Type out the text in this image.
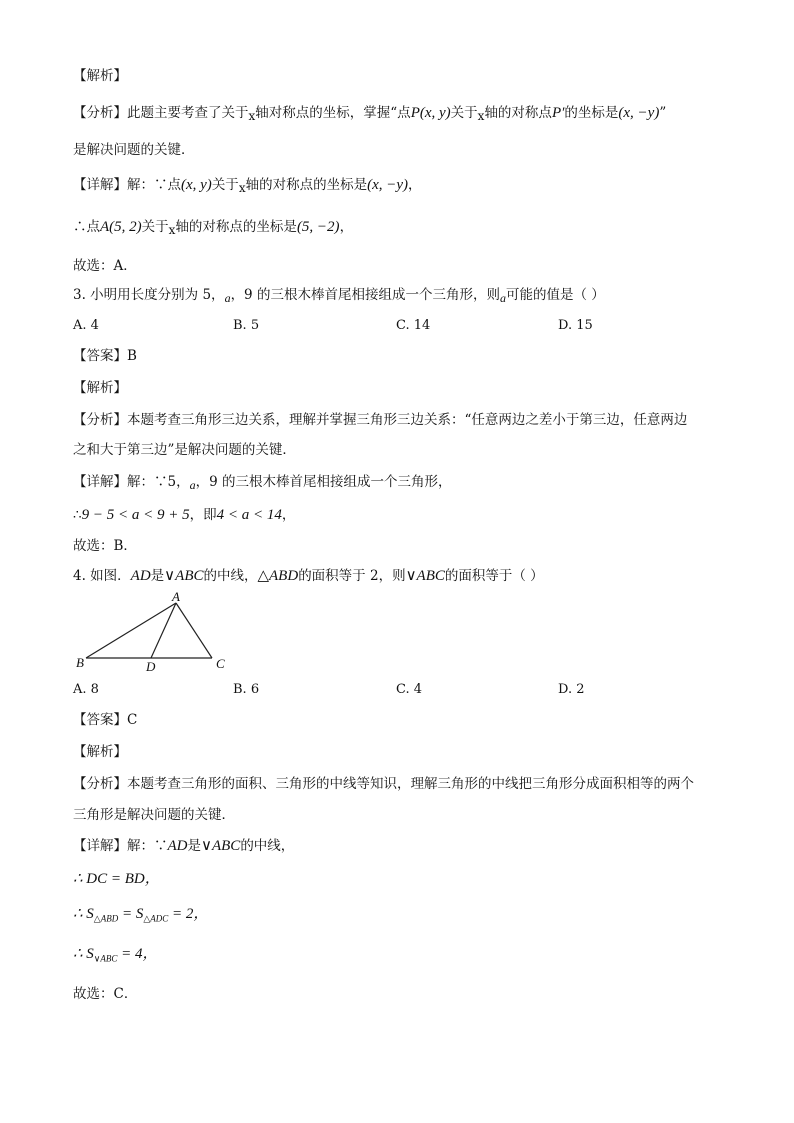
【解析】
【分析】此题主要考查了关于x轴对称点的坐标，掌握“点P(x, y)关于x轴的对称点P′的坐标是(x, −y)”
是解决问题的关键．
【详解】解：∵点(x, y)关于x轴的对称点的坐标是(x, −y)，
∴点A(5, 2)关于x轴的对称点的坐标是(5, −2)，
故选：A．
3. 小明用长度分别为 5，a，9 的三根木棒首尾相接组成一个三角形，则a可能的值是（ ）
A. 4	B. 5	C. 14	D. 15
【答案】B
【解析】
【分析】本题考查三角形三边关系，理解并掌握三角形三边关系：“任意两边之差小于第三边，任意两边
之和大于第三边”是解决问题的关键．
【详解】解：∵5，a，9 的三根木棒首尾相接组成一个三角形，
∴9 − 5 < a < 9 + 5，即4 < a < 14，
故选：B．
4. 如图．AD是∨ABC的中线，△ABD的面积等于 2，则∨ABC的面积等于（ ）
A
B	C
D
A. 8	B. 6	C. 4	D. 2
【答案】C
【解析】
【分析】本题考查三角形的面积、三角形的中线等知识，理解三角形的中线把三角形分成面积相等的两个
三角形是解决问题的关键．
【详解】解：∵AD是∨ABC的中线，
∴ DC = BD，
∴ $S_{\triangle ABD} = S_{\triangle ADC} = 2$，
∴ $S_{\vee ABC} = 4$，
故选：C．
